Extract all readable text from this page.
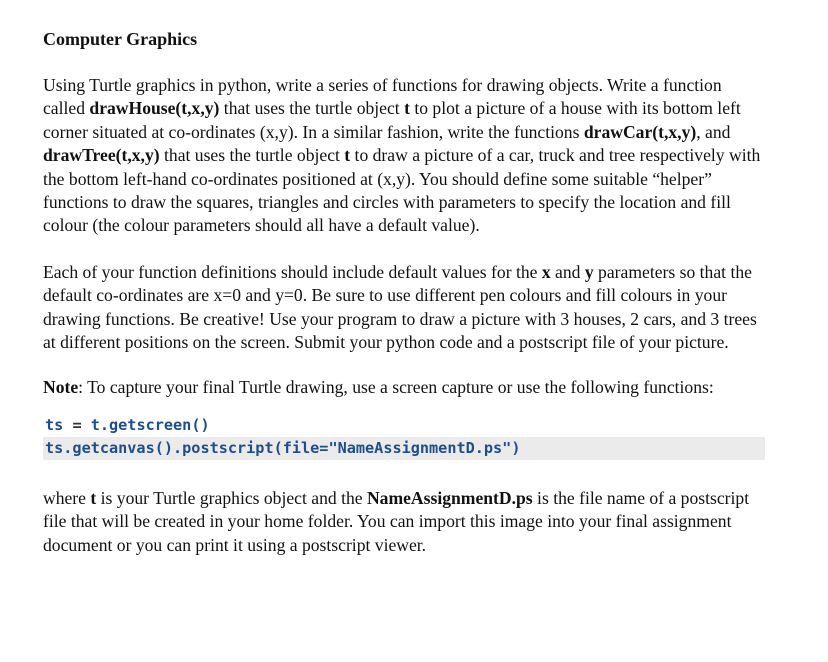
Computer Graphics

Using Turtle graphics in python, write a series of functions for drawing objects. Write a function called drawHouse(t,x,y) that uses the turtle object t to plot a picture of a house with its bottom left corner situated at co-ordinates (x,y). In a similar fashion, write the functions drawCar(t,x,y), and drawTree(t,x,y) that uses the turtle object t to draw a picture of a car, truck and tree respectively with the bottom left-hand co-ordinates positioned at (x,y). You should define some suitable “helper” functions to draw the squares, triangles and circles with parameters to specify the location and fill colour (the colour parameters should all have a default value).

Each of your function definitions should include default values for the x and y parameters so that the default co-ordinates are x=0 and y=0. Be sure to use different pen colours and fill colours in your drawing functions. Be creative! Use your program to draw a picture with 3 houses, 2 cars, and 3 trees at different positions on the screen. Submit your python code and a postscript file of your picture.

Note: To capture your final Turtle drawing, use a screen capture or use the following functions:

ts = t.getscreen()
ts.getcanvas().postscript(file="NameAssignmentD.ps")

where t is your Turtle graphics object and the NameAssignmentD.ps is the file name of a postscript file that will be created in your home folder. You can import this image into your final assignment document or you can print it using a postscript viewer.
